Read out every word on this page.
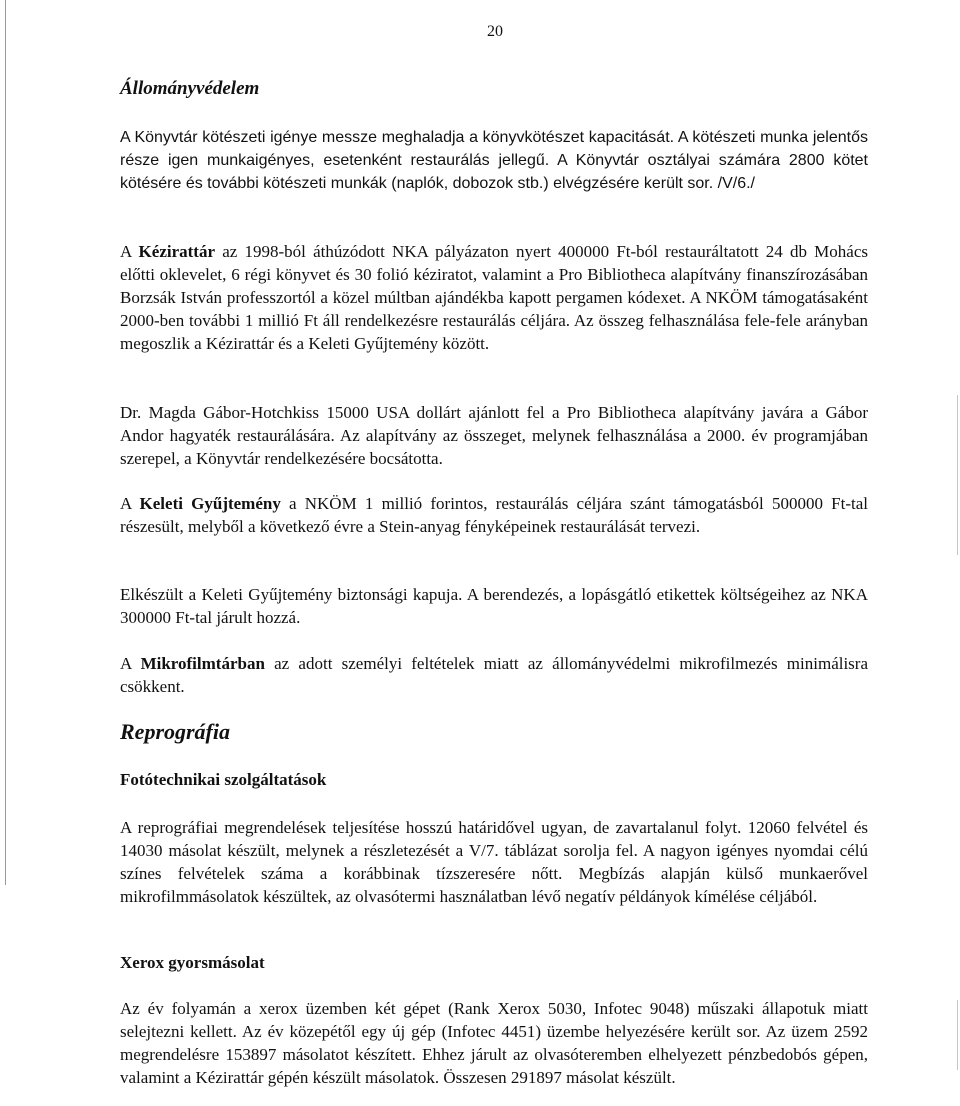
20
Állományvédelem

A Könyvtár kötészeti igénye messze meghaladja a könyvkötészet kapacitását. A kötészeti munka jelentős része igen munkaigényes, esetenként restaurálás jellegű. A Könyvtár osztályai számára 2800 kötet kötésére és további kötészeti munkák (naplók, dobozok stb.) elvégzésére került sor. /V/6./

A Kézirattár az 1998-ból áthúzódott NKA pályázaton nyert 400000 Ft-ból restauráltatott 24 db Mohács előtti oklevelet, 6 régi könyvet és 30 folió kéziratot, valamint a Pro Bibliotheca alapítvány finanszírozásában Borzsák István professzortól a közel múltban ajándékba kapott pergamen kódexet. A NKÖM támogatásaként 2000-ben további 1 millió Ft áll rendelkezésre restaurálás céljára. Az összeg felhasználása fele-fele arányban megoszlik a Kézirattár és a Keleti Gyűjtemény között.

Dr. Magda Gábor-Hotchkiss 15000 USA dollárt ajánlott fel a Pro Bibliotheca alapítvány javára a Gábor Andor hagyaték restaurálására. Az alapítvány az összeget, melynek felhasználása a 2000. év programjában szerepel, a Könyvtár rendelkezésére bocsátotta.

A Keleti Gyűjtemény a NKÖM 1 millió forintos, restaurálás céljára szánt támogatásból 500000 Ft-tal részesült, melyből a következő évre a Stein-anyag fényképeinek restaurálását tervezi.

Elkészült a Keleti Gyűjtemény biztonsági kapuja. A berendezés, a lopásgátló etikettek költségeihez az NKA 300000 Ft-tal járult hozzá.

A Mikrofilmtárban az adott személyi feltételek miatt az állományvédelmi mikrofilmezés minimálisra csökkent.

Reprográfia
Fotótechnikai szolgáltatások

A reprográfiai megrendelések teljesítése hosszú határidővel ugyan, de zavartalanul folyt. 12060 felvétel és 14030 másolat készült, melynek a részletezését a V/7. táblázat sorolja fel. A nagyon igényes nyomdai célú színes felvételek száma a korábbinak tízszeresére nőtt. Megbízás alapján külső munkaerővel mikrofilmmásolatok készültek, az olvasótermi használatban lévő negatív példányok kímélése céljából.

Xerox gyorsmásolat

Az év folyamán a xerox üzemben két gépet (Rank Xerox 5030, Infotec 9048) műszaki állapotuk miatt selejtezni kellett. Az év közepétől egy új gép (Infotec 4451) üzembe helyezésére került sor. Az üzem 2592 megrendelésre 153897 másolatot készített. Ehhez járult az olvasóteremben elhelyezett pénzbedobós gépen, valamint a Kézirattár gépén készült másolatok. Összesen 291897 másolat készült.
